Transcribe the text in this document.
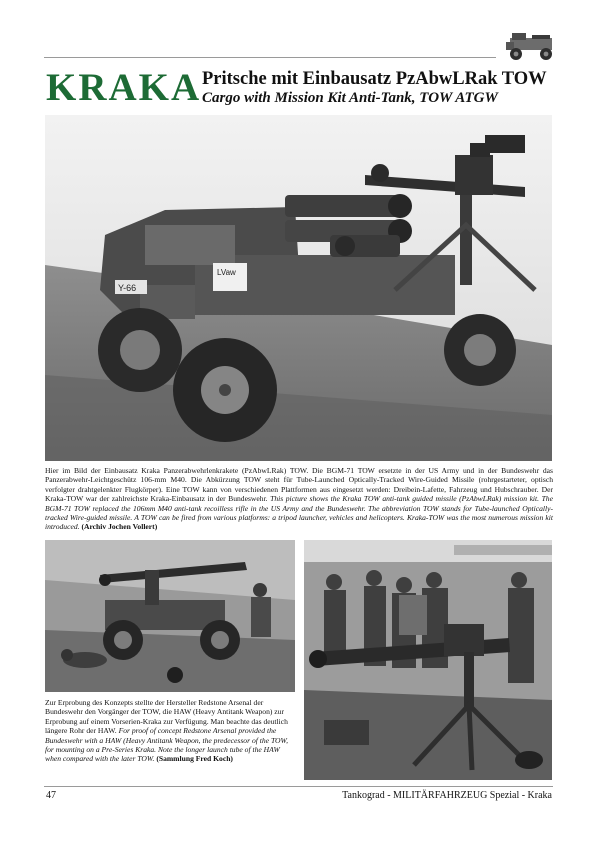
KRAKA Pritsche mit Einbausatz PzAbwLRak TOW
Cargo with Mission Kit Anti-Tank, TOW ATGW
Y-66
LVaw
Hier im Bild der Einbausatz Kraka Panzerabwehrlenkrakete (PzAbwLRak) TOW. Die BGM-71 TOW ersetzte in der US Army und in der Bundeswehr das Panzerabwehr-Leichtgeschütz 106-mm M40. Die Abkürzung TOW steht für Tube-Launched Optically-Tracked Wire-Guided Missile (rohrgestarteter, optisch verfolgter drahtgelenkter Flugkörper). Eine TOW kann von verschiedenen Plattformen aus eingesetzt werden: Dreibein-Lafette, Fahrzeug und Hubschrauber. Der Kraka-TOW war der zahlreichste Kraka-Einbausatz in der Bundeswehr. This picture shows the Kraka TOW anti-tank guided missile (PzAbwLRak) mission kit. The BGM-71 TOW replaced the 106mm M40 anti-tank recoilless rifle in the US Army and the Bundeswehr. The abbreviation TOW stands for Tube-launched Optically-tracked Wire-guided missile. A TOW can be fired from various platforms: a tripod launcher, vehicles and helicopters. Kraka-TOW was the most numerous mission kit introduced. (Archiv Jochen Vollert)
Zur Erprobung des Konzepts stellte der Hersteller Redstone Arsenal der Bundeswehr den Vorgänger der TOW, die HAW (Heavy Antitank Weapon) zur Erprobung auf einem Vorserien-Kraka zur Verfügung. Man beachte das deutlich längere Rohr der HAW. For proof of concept Redstone Arsenal provided the Bundeswehr with a HAW (Heavy Antitank Weapon, the predecessor of the TOW, for mounting on a Pre-Series Kraka. Note the longer launch tube of the HAW when compared with the later TOW. (Sammlung Fred Koch)
47	Tankograd - MILITÄRFAHRZEUG Spezial - Kraka
